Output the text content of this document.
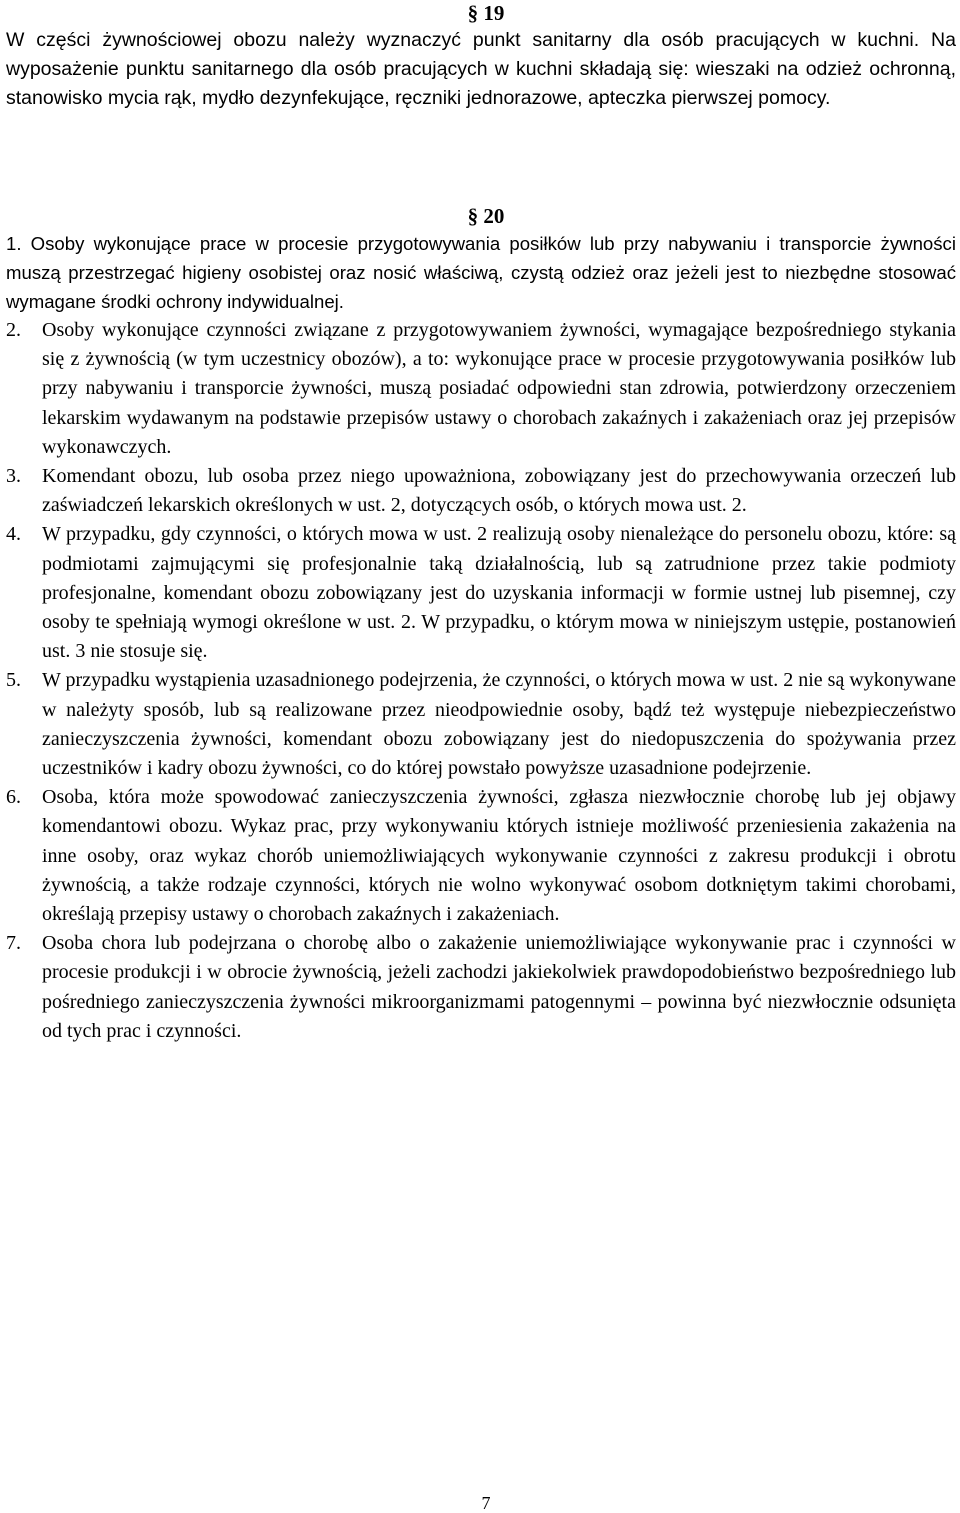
§ 19
W części żywnościowej obozu należy wyznaczyć punkt sanitarny dla osób pracujących w kuchni. Na wyposażenie punktu sanitarnego dla osób pracujących w kuchni składają się: wieszaki na odzież ochronną, stanowisko mycia rąk, mydło dezynfekujące, ręczniki jednorazowe, apteczka pierwszej pomocy.
§ 20
1. Osoby wykonujące prace w procesie przygotowywania posiłków lub przy nabywaniu i transporcie żywności muszą przestrzegać higieny osobistej oraz nosić właściwą, czystą odzież oraz jeżeli jest to niezbędne stosować wymagane środki ochrony indywidualnej.
2.	Osoby wykonujące czynności związane z przygotowywaniem żywności, wymagające bezpośredniego stykania się z żywnością (w tym uczestnicy obozów), a to: wykonujące prace w procesie przygotowywania posiłków lub przy nabywaniu i transporcie żywności, muszą posiadać odpowiedni stan zdrowia, potwierdzony orzeczeniem lekarskim wydawanym na podstawie przepisów ustawy o chorobach zakaźnych i zakażeniach oraz jej przepisów wykonawczych.
3.	Komendant obozu, lub osoba przez niego upoważniona, zobowiązany jest do przechowywania orzeczeń lub zaświadczeń lekarskich określonych w ust. 2, dotyczących osób, o których mowa ust. 2.
4.	W przypadku, gdy czynności, o których mowa w ust. 2 realizują osoby nienależące do personelu obozu, które: są podmiotami zajmującymi się profesjonalnie taką działalnością, lub są zatrudnione przez takie podmioty profesjonalne, komendant obozu zobowiązany jest do uzyskania informacji w formie ustnej lub pisemnej, czy osoby te spełniają wymogi określone w ust. 2. W przypadku, o którym mowa w niniejszym ustępie, postanowień ust. 3 nie stosuje się.
5.	W przypadku wystąpienia uzasadnionego podejrzenia, że czynności, o których mowa w ust. 2 nie są wykonywane w należyty sposób, lub są realizowane przez nieodpowiednie osoby, bądź też występuje niebezpieczeństwo zanieczyszczenia żywności, komendant obozu zobowiązany jest do niedopuszczenia do spożywania przez uczestników i kadry obozu żywności, co do której powstało powyższe uzasadnione podejrzenie.
6.	Osoba, która może spowodować zanieczyszczenia żywności, zgłasza niezwłocznie chorobę lub jej objawy komendantowi obozu. Wykaz prac, przy wykonywaniu których istnieje możliwość przeniesienia zakażenia na inne osoby, oraz wykaz chorób uniemożliwiających wykonywanie czynności z zakresu produkcji i obrotu żywnością, a także rodzaje czynności, których nie wolno wykonywać osobom dotkniętym takimi chorobami, określają przepisy ustawy o chorobach zakaźnych i zakażeniach.
7.	Osoba chora lub podejrzana o chorobę albo o zakażenie uniemożliwiające wykonywanie prac i czynności w procesie produkcji i w obrocie żywnością, jeżeli zachodzi jakiekolwiek prawdopodobieństwo bezpośredniego lub pośredniego zanieczyszczenia żywności mikroorganizmami patogennymi – powinna być niezwłocznie odsunięta od tych prac i czynności.
7
